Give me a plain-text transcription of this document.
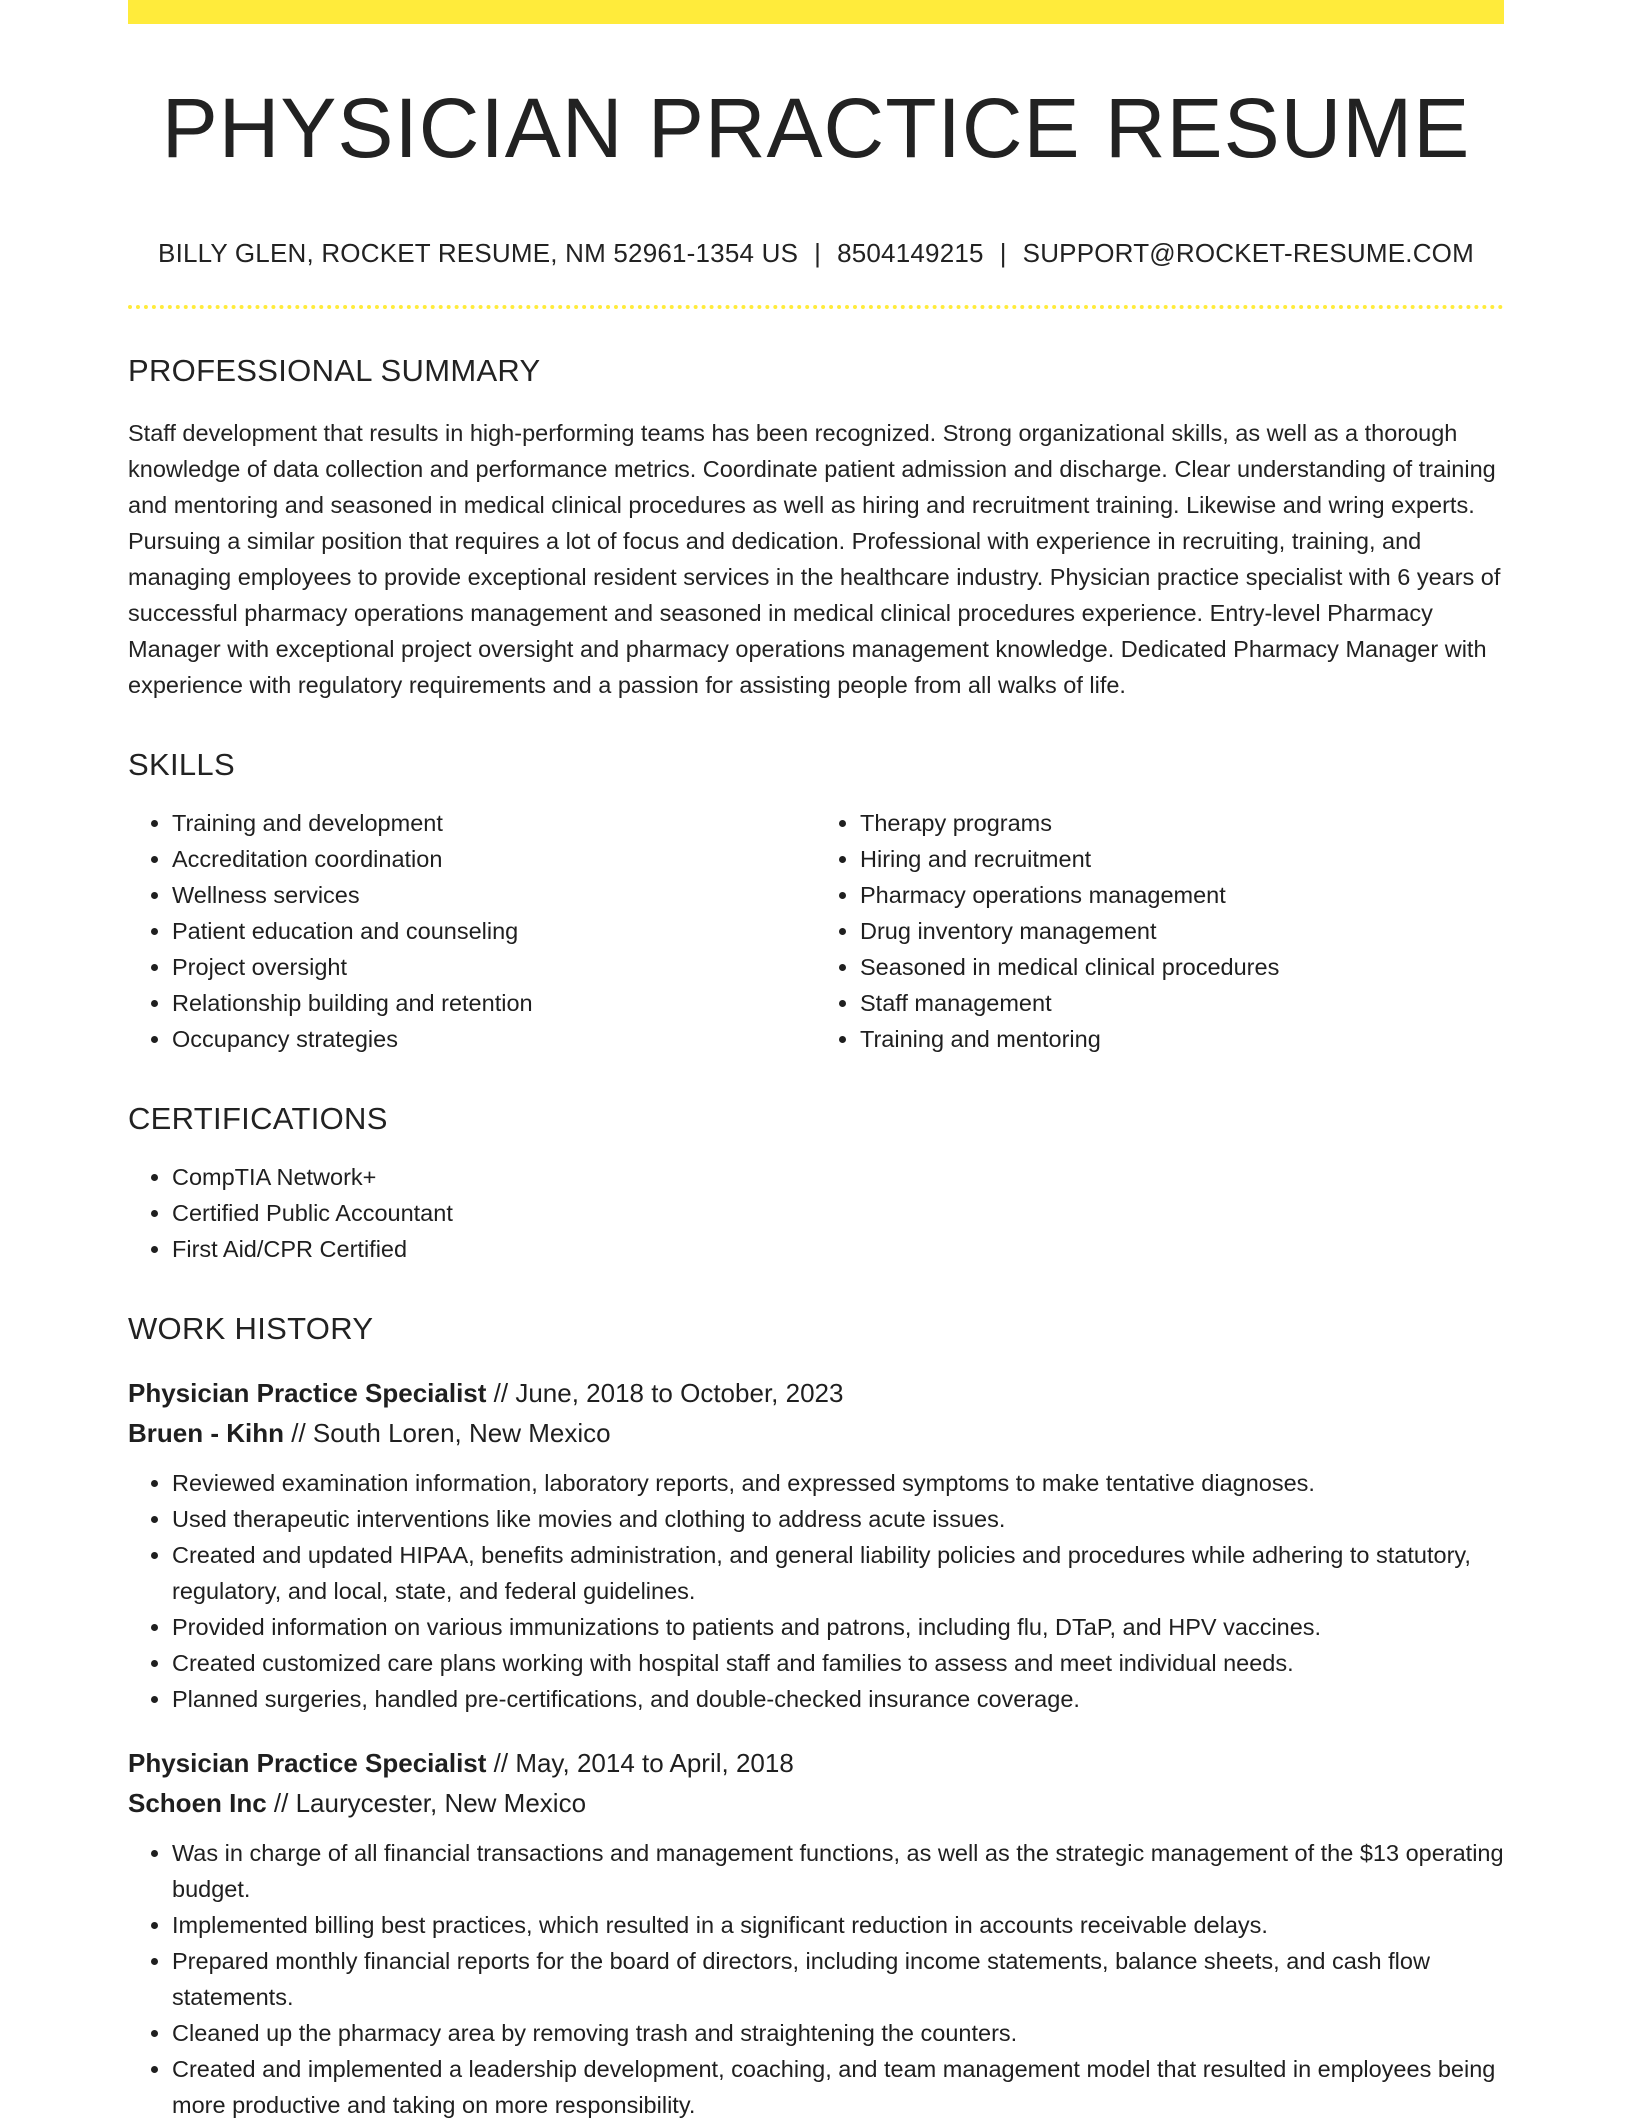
PHYSICIAN PRACTICE RESUME
BILLY GLEN, ROCKET RESUME, NM 52961-1354 US | 8504149215 | SUPPORT@ROCKET-RESUME.COM
PROFESSIONAL SUMMARY

Staff development that results in high-performing teams has been recognized. Strong organizational skills, as well as a thorough knowledge of data collection and performance metrics. Coordinate patient admission and discharge. Clear understanding of training and mentoring and seasoned in medical clinical procedures as well as hiring and recruitment training. Likewise and wring experts. Pursuing a similar position that requires a lot of focus and dedication. Professional with experience in recruiting, training, and managing employees to provide exceptional resident services in the healthcare industry. Physician practice specialist with 6 years of successful pharmacy operations management and seasoned in medical clinical procedures experience. Entry-level Pharmacy Manager with exceptional project oversight and pharmacy operations management knowledge. Dedicated Pharmacy Manager with experience with regulatory requirements and a passion for assisting people from all walks of life.

SKILLS
• Training and development
• Accreditation coordination
• Wellness services
• Patient education and counseling
• Project oversight
• Relationship building and retention
• Occupancy strategies
• Therapy programs
• Hiring and recruitment
• Pharmacy operations management
• Drug inventory management
• Seasoned in medical clinical procedures
• Staff management
• Training and mentoring
CERTIFICATIONS
• CompTIA Network+
• Certified Public Accountant
• First Aid/CPR Certified
WORK HISTORY
Physician Practice Specialist // June, 2018 to October, 2023
Bruen - Kihn // South Loren, New Mexico
• Reviewed examination information, laboratory reports, and expressed symptoms to make tentative diagnoses.
• Used therapeutic interventions like movies and clothing to address acute issues.
• Created and updated HIPAA, benefits administration, and general liability policies and procedures while adhering to statutory, regulatory, and local, state, and federal guidelines.
• Provided information on various immunizations to patients and patrons, including flu, DTaP, and HPV vaccines.
• Created customized care plans working with hospital staff and families to assess and meet individual needs.
• Planned surgeries, handled pre-certifications, and double-checked insurance coverage.
Physician Practice Specialist // May, 2014 to April, 2018
Schoen Inc // Laurycester, New Mexico
• Was in charge of all financial transactions and management functions, as well as the strategic management of the $13 operating budget.
• Implemented billing best practices, which resulted in a significant reduction in accounts receivable delays.
• Prepared monthly financial reports for the board of directors, including income statements, balance sheets, and cash flow statements.
• Cleaned up the pharmacy area by removing trash and straightening the counters.
• Created and implemented a leadership development, coaching, and team management model that resulted in employees being more productive and taking on more responsibility.
